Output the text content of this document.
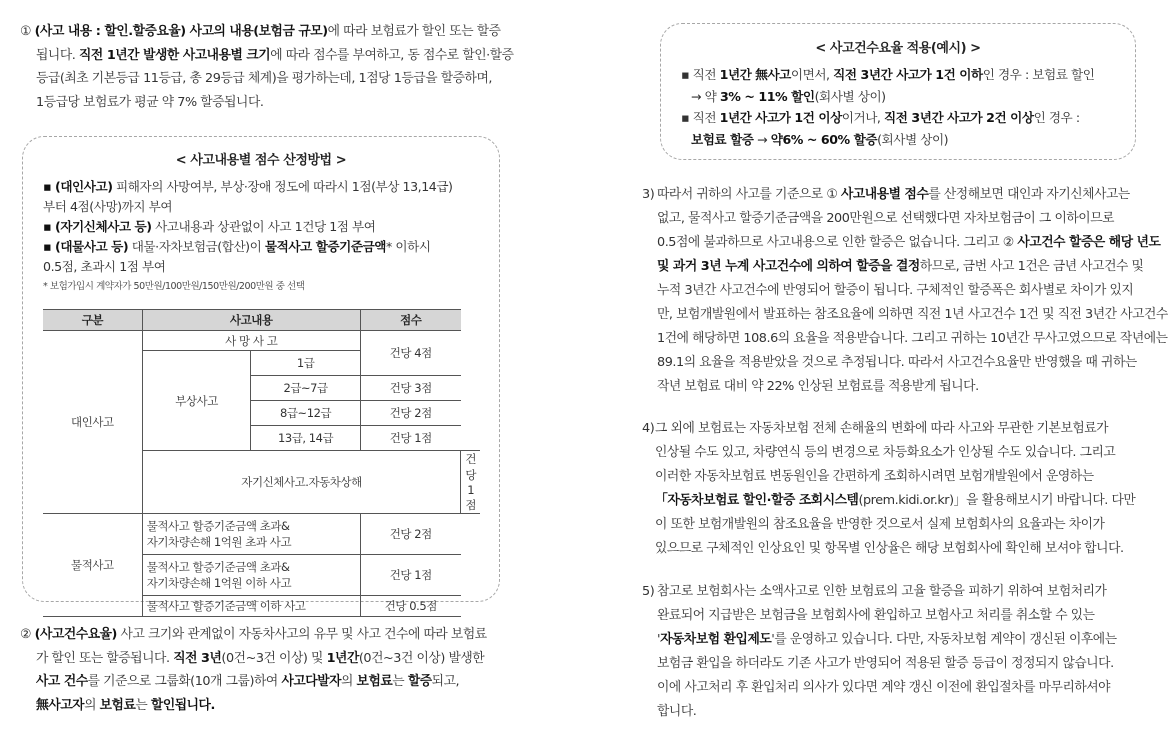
① (사고 내용 : 할인.할증요율) 사고의 내용(보험금 규모)에 따라 보험료가 할인 또는 할증
됩니다. 직전 1년간 발생한 사고내용별 크기에 따라 점수를 부여하고, 동 점수로 할인·할증
등급(최초 기본등급 11등급, 총 29등급 체계)을 평가하는데, 1점당 1등급을 할증하며,
1등급당 보험료가 평균 약 7% 할증됩니다.
< 사고내용별 점수 산정방법 >
▪ (대인사고) 피해자의 사망여부, 부상·장애 정도에 따라시 1점(부상 13,14급)
부터 4점(사망)까지 부여
▪ (자기신체사고 등) 사고내용과 상관없이 사고 1건당 1점 부여
▪ (대물사고 등) 대물·자차보험금(합산)이 물적사고 할증기준금액* 이하시
0.5점, 초과시 1점 부여
* 보험가입시 계약자가 50만원/100만원/150만원/200만원 중 선택
구분	사고내용		점수	
대인사고	사 망 사 고		건당 4점	
	부상사고	1급		
		2급~7급	건당 3점	
		8급~12급	건당 2점	
		13급, 14급	건당 1점	
	자기신체사고.자동차상해			건당 1점
물적사고	물적사고 할증기준금액 초과&
자기차량손해 1억원 초과 사고		건당 2점	
	물적사고 할증기준금액 초과&
자기차량손해 1억원 이하 사고		건당 1점	
	물적사고 할증기준금액 이하 사고		건당 0.5점	
② (사고건수요율) 사고 크기와 관계없이 자동차사고의 유무 및 사고 건수에 따라 보험료
가 할인 또는 할증됩니다. 직전 3년(0건~3건 이상) 및 1년간(0건~3건 이상) 발생한
사고 건수를 기준으로 그룹화(10개 그룹)하여 사고다발자의 보험료는 할증되고,
無사고자의 보험료는 할인됩니다.
< 사고건수요율 적용(예시) >
▪ 직전 1년간 無사고이면서, 직전 3년간 사고가 1건 이하인 경우 : 보험료 할인
→ 약 3% ~ 11% 할인(회사별 상이)
▪ 직전 1년간 사고가 1건 이상이거나, 직전 3년간 사고가 2건 이상인 경우 :
보험료 할증 → 약6% ~ 60% 할증(회사별 상이)
3) 따라서 귀하의 사고를 기준으로 ① 사고내용별 점수를 산정해보면 대인과 자기신체사고는
없고, 물적사고 할증기준금액을 200만원으로 선택했다면 자차보험금이 그 이하이므로
0.5점에 불과하므로 사고내용으로 인한 할증은 없습니다. 그리고 ② 사고건수 할증은 해당 년도
및 과거 3년 누계 사고건수에 의하여 할증을 결정하므로, 금번 사고 1건은 금년 사고건수 및
누적 3년간 사고건수에 반영되어 할증이 됩니다. 구체적인 할증폭은 회사별로 차이가 있지
만, 보험개발원에서 발표하는 참조요율에 의하면 직전 1년 사고건수 1건 및 직전 3년간 사고건수
1건에 해당하면 108.6의 요율을 적용받습니다. 그리고 귀하는 10년간 무사고였으므로 작년에는
89.1의 요율을 적용받았을 것으로 추정됩니다. 따라서 사고건수요율만 반영했을 때 귀하는
작년 보험료 대비 약 22% 인상된 보험료를 적용받게 됩니다.
4) 그 외에 보험료는 자동차보험 전체 손해율의 변화에 따라 사고와 무관한 기본보험료가
인상될 수도 있고, 차량연식 등의 변경으로 차등화요소가 인상될 수도 있습니다. 그리고
이러한 자동차보험료 변동원인을 간편하게 조회하시려면 보험개발원에서 운영하는
「자동차보험료 할인·할증 조회시스템(prem.kidi.or.kr)」을 활용해보시기 바랍니다. 다만
이 또한 보험개발원의 참조요율을 반영한 것으로서 실제 보험회사의 요율과는 차이가
있으므로 구체적인 인상요인 및 항목별 인상율은 해당 보험회사에 확인해 보셔야 합니다.
5) 참고로 보험회사는 소액사고로 인한 보험료의 고율 할증을 피하기 위하여 보험처리가
완료되어 지급받은 보험금을 보험회사에 환입하고 보험사고 처리를 취소할 수 있는
'자동차보험 환입제도'를 운영하고 있습니다. 다만, 자동차보험 계약이 갱신된 이후에는
보험금 환입을 하더라도 기존 사고가 반영되어 적용된 할증 등급이 정정되지 않습니다.
이에 사고처리 후 환입처리 의사가 있다면 계약 갱신 이전에 환입절차를 마무리하셔야
합니다.
